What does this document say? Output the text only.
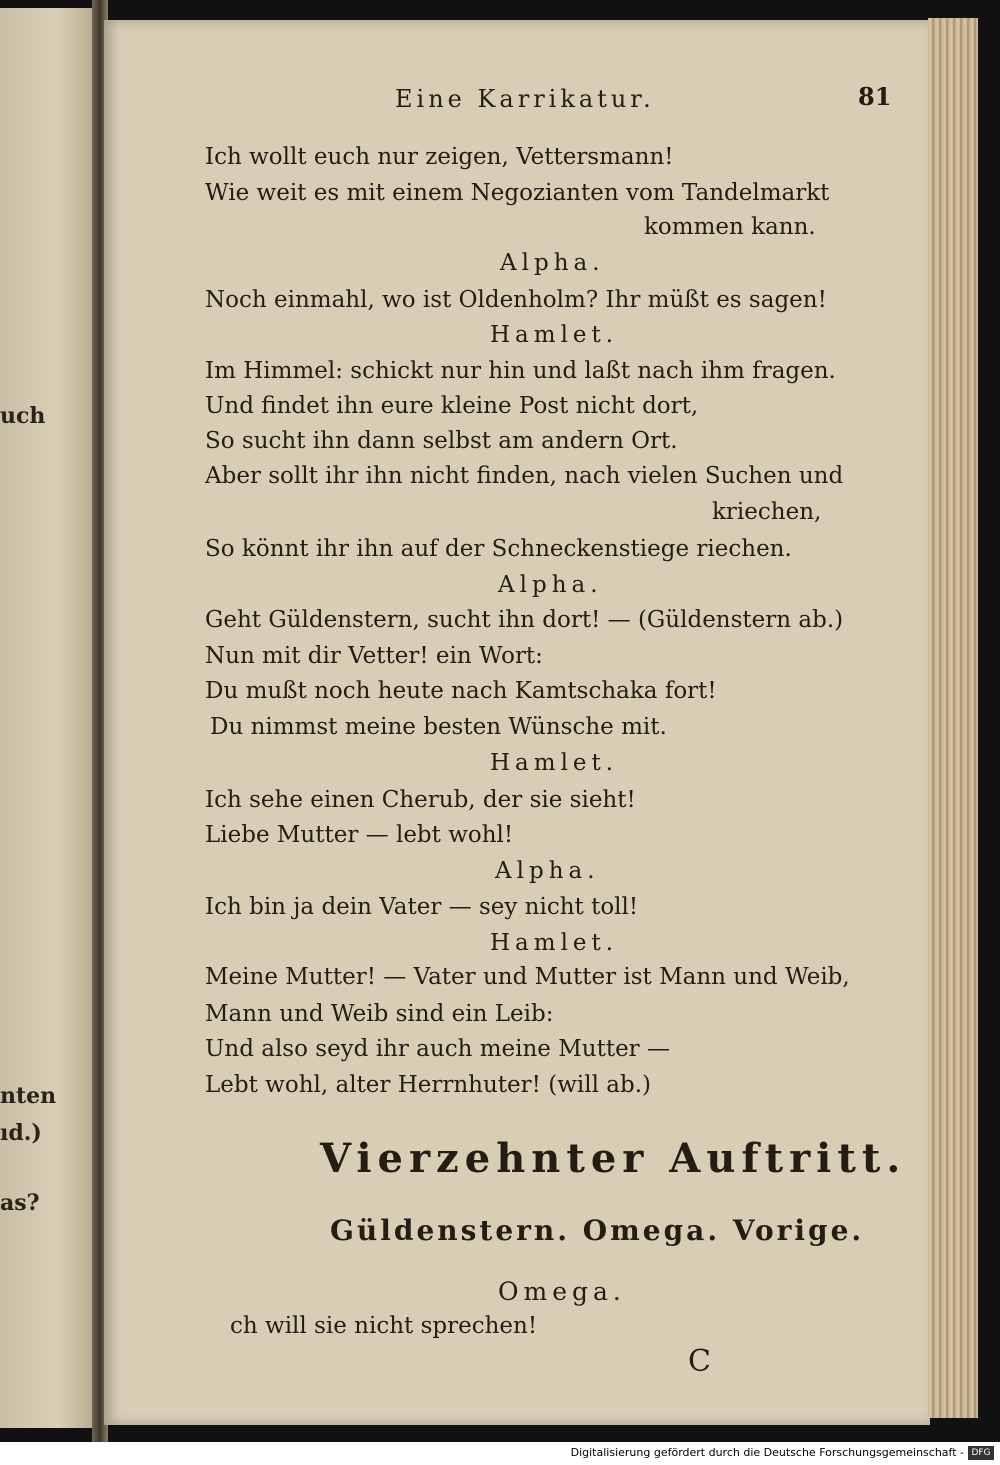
uch
nten
ıd.)
as?
Eine Karrikatur.	81
Ich wollt euch nur zeigen, Vettersmann!
Wie weit es mit einem Negozianten vom Tandelmarkt
kommen kann.
Alpha.
Noch einmahl, wo ist Oldenholm? Ihr müßt es sagen!
Hamlet.
Im Himmel: schickt nur hin und laßt nach ihm fragen.
Und findet ihn eure kleine Post nicht dort,
So sucht ihn dann selbst am andern Ort.
Aber sollt ihr ihn nicht finden, nach vielen Suchen und
kriechen,
So könnt ihr ihn auf der Schneckenstiege riechen.
Alpha.
Geht Güldenstern, sucht ihn dort! — (Güldenstern ab.)
Nun mit dir Vetter! ein Wort:
Du mußt noch heute nach Kamtschaka fort!
Du nimmst meine besten Wünsche mit.
Hamlet.
Ich sehe einen Cherub, der sie sieht!
Liebe Mutter — lebt wohl!
Alpha.
Ich bin ja dein Vater — sey nicht toll!
Hamlet.
Meine Mutter! — Vater und Mutter ist Mann und Weib,
Mann und Weib sind ein Leib:
Und also seyd ihr auch meine Mutter —
Lebt wohl, alter Herrnhuter! (will ab.)
Vierzehnter Auftritt.
Güldenstern. Omega. Vorige.
Omega.
ch will sie nicht sprechen!
C
Digitalisierung gefördert durch die Deutsche Forschungsgemeinschaft - DFG
